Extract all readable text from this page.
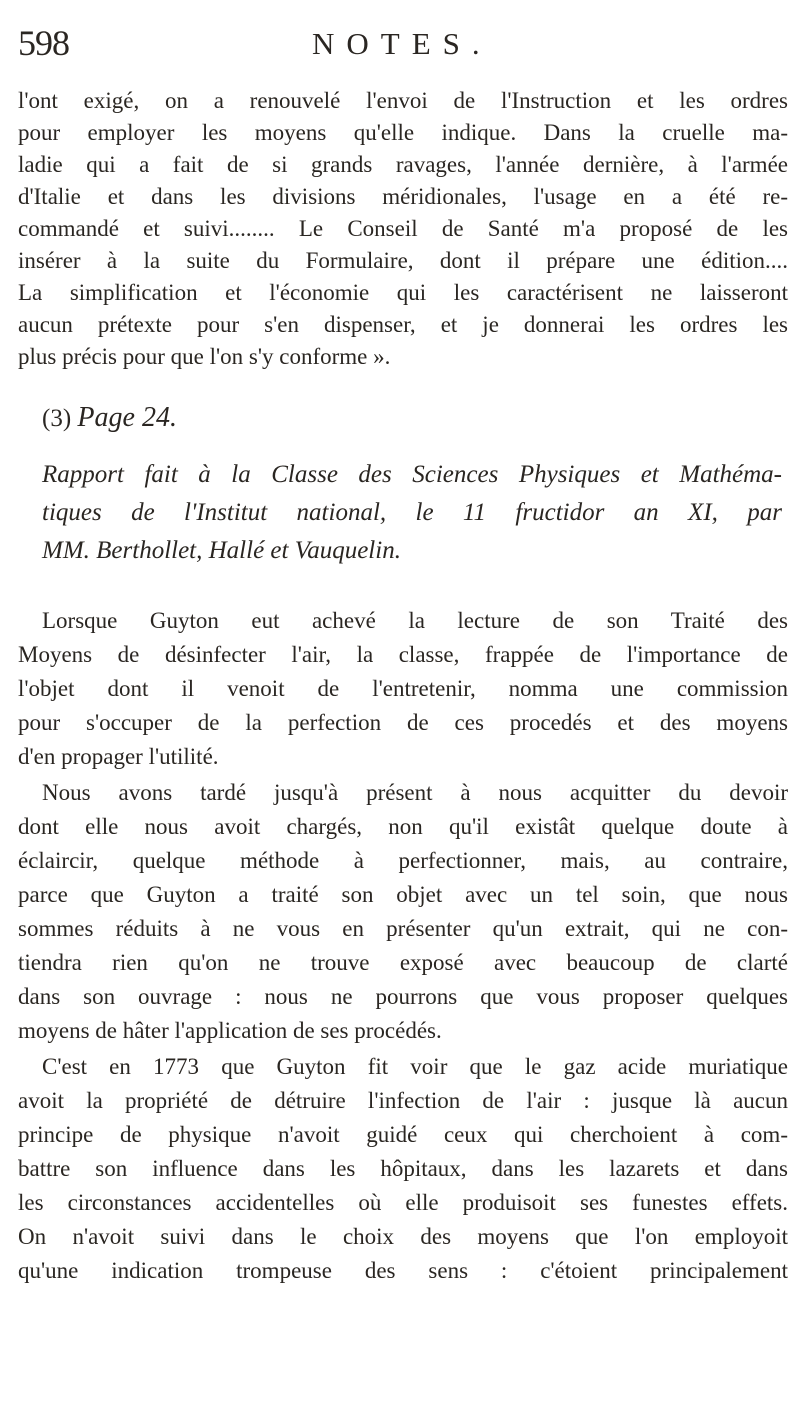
598	NOTES.
l'ont exigé, on a renouvelé l'envoi de l'Instruction et les ordres
pour employer les moyens qu'elle indique. Dans la cruelle ma-
ladie qui a fait de si grands ravages, l'année dernière, à l'armée
d'Italie et dans les divisions méridionales, l'usage en a été re-
commandé et suivi........ Le Conseil de Santé m'a proposé de les
insérer à la suite du Formulaire, dont il prépare une édition....
La simplification et l'économie qui les caractérisent ne laisseront
aucun prétexte pour s'en dispenser, et je donnerai les ordres les
plus précis pour que l'on s'y conforme ».
(3) Page 24.
Rapport fait à la Classe des Sciences Physiques et Mathéma-
tiques de l'Institut national, le 11 fructidor an XI, par
MM. Berthollet, Hallé et Vauquelin.
Lorsque Guyton eut achevé la lecture de son Traité des
Moyens de désinfecter l'air, la classe, frappée de l'importance de
l'objet dont il venoit de l'entretenir, nomma une commission
pour s'occuper de la perfection de ces procedés et des moyens
d'en propager l'utilité.
Nous avons tardé jusqu'à présent à nous acquitter du devoir
dont elle nous avoit chargés, non qu'il existât quelque doute à
éclaircir, quelque méthode à perfectionner, mais, au contraire,
parce que Guyton a traité son objet avec un tel soin, que nous
sommes réduits à ne vous en présenter qu'un extrait, qui ne con-
tiendra rien qu'on ne trouve exposé avec beaucoup de clarté
dans son ouvrage : nous ne pourrons que vous proposer quelques
moyens de hâter l'application de ses procédés.
C'est en 1773 que Guyton fit voir que le gaz acide muriatique
avoit la propriété de détruire l'infection de l'air : jusque là aucun
principe de physique n'avoit guidé ceux qui cherchoient à com-
battre son influence dans les hôpitaux, dans les lazarets et dans
les circonstances accidentelles où elle produisoit ses funestes effets.
On n'avoit suivi dans le choix des moyens que l'on employoit
qu'une indication trompeuse des sens : c'étoient principalement
